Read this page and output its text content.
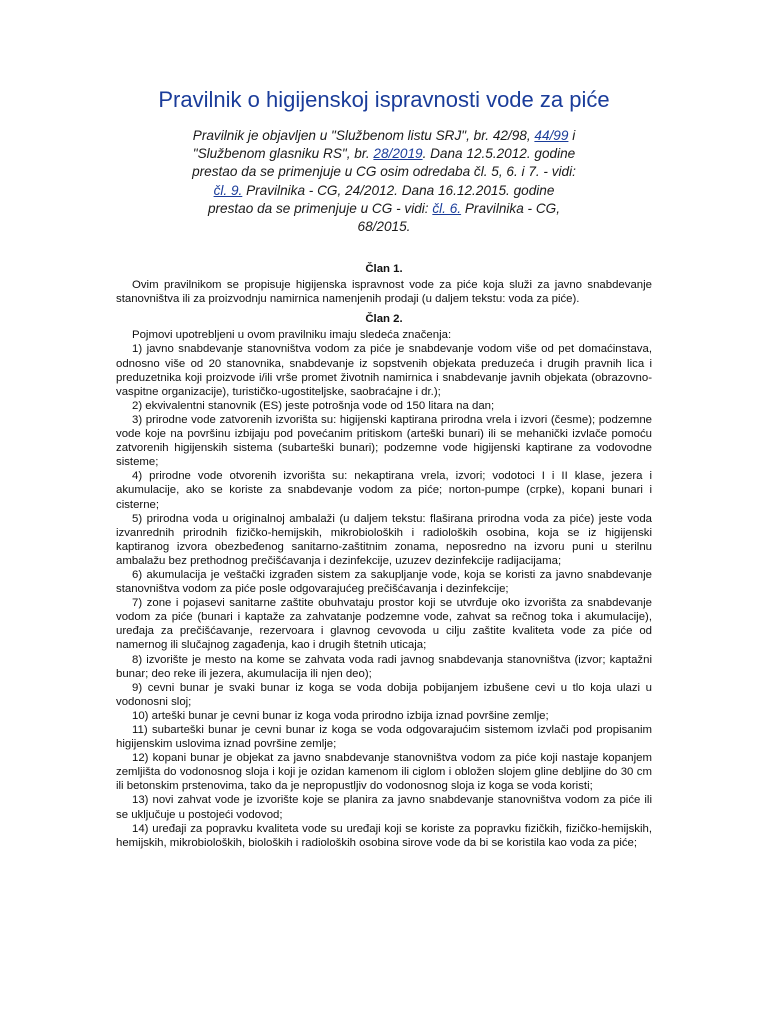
Pravilnik o higijenskoj ispravnosti vode za piće
Pravilnik je objavljen u "Službenom listu SRJ", br. 42/98, 44/99 i "Službenom glasniku RS", br. 28/2019. Dana 12.5.2012. godine prestao da se primenjuje u CG osim odredaba čl. 5, 6. i 7. - vidi: čl. 9. Pravilnika - CG, 24/2012. Dana 16.12.2015. godine prestao da se primenjuje u CG - vidi: čl. 6. Pravilnika - CG, 68/2015.
Član 1.

Ovim pravilnikom se propisuje higijenska ispravnost vode za piće koja služi za javno snabdevanje stanovništva ili za proizvodnju namirnica namenjenih prodaji (u daljem tekstu: voda za piće).

Član 2.

Pojmovi upotrebljeni u ovom pravilniku imaju sledeća značenja:

1) javno snabdevanje stanovništva vodom za piće je snabdevanje vodom više od pet domaćinstava, odnosno više od 20 stanovnika, snabdevanje iz sopstvenih objekata preduzeća i drugih pravnih lica i preduzetnika koji proizvode i/ili vrše promet životnih namirnica i snabdevanje javnih objekata (obrazovno-vaspitne organizacije), turističko-ugostiteljske, saobraćajne i dr.);

2) ekvivalentni stanovnik (ES) jeste potrošnja vode od 150 litara na dan;

3) prirodne vode zatvorenih izvorišta su: higijenski kaptirana prirodna vrela i izvori (česme); podzemne vode koje na površinu izbijaju pod povećanim pritiskom (arteški bunari) ili se mehanički izvlače pomoću zatvorenih higijenskih sistema (subarteški bunari); podzemne vode higijenski kaptirane za vodovodne sisteme;

4) prirodne vode otvorenih izvorišta su: nekaptirana vrela, izvori; vodotoci I i II klase, jezera i akumulacije, ako se koriste za snabdevanje vodom za piće; norton-pumpe (crpke), kopani bunari i cisterne;

5) prirodna voda u originalnoj ambalaži (u daljem tekstu: flaširana prirodna voda za piće) jeste voda izvanrednih prirodnih fizičko-hemijskih, mikrobioloških i radioloških osobina, koja se iz higijenski kaptiranog izvora obezbeđenog sanitarno-zaštitnim zonama, neposredno na izvoru puni u sterilnu ambalažu bez prethodnog prečišćavanja i dezinfekcije, uzuzev dezinfekcije radijacijama;

6) akumulacija je veštački izgrađen sistem za sakupljanje vode, koja se koristi za javno snabdevanje stanovništva vodom za piće posle odgovarajućeg prečišćavanja i dezinfekcije;

7) zone i pojasevi sanitarne zaštite obuhvataju prostor koji se utvrđuje oko izvorišta za snabdevanje vodom za piće (bunari i kaptaže za zahvatanje podzemne vode, zahvat sa rečnog toka i akumulacije), uređaja za prečišćavanje, rezervoara i glavnog cevovoda u cilju zaštite kvaliteta vode za piće od namernog ili slučajnog zagađenja, kao i drugih štetnih uticaja;

8) izvorište je mesto na kome se zahvata voda radi javnog snabdevanja stanovništva (izvor; kaptažni bunar; deo reke ili jezera, akumulacija ili njen deo);

9) cevni bunar je svaki bunar iz koga se voda dobija pobijanjem izbušene cevi u tlo koja ulazi u vodonosni sloj;

10) arteški bunar je cevni bunar iz koga voda prirodno izbija iznad površine zemlje;

11) subarteški bunar je cevni bunar iz koga se voda odgovarajućim sistemom izvlači pod propisanim higijenskim uslovima iznad površine zemlje;

12) kopani bunar je objekat za javno snabdevanje stanovništva vodom za piće koji nastaje kopanjem zemljišta do vodonosnog sloja i koji je ozidan kamenom ili ciglom i obložen slojem gline debljine do 30 cm ili betonskim prstenovima, tako da je nepropustljiv do vodonosnog sloja iz koga se voda koristi;

13) novi zahvat vode je izvorište koje se planira za javno snabdevanje stanovništva vodom za piće ili se uključuje u postojeći vodovod;

14) uređaji za popravku kvaliteta vode su uređaji koji se koriste za popravku fizičkih, fizičko-hemijskih, hemijskih, mikrobioloških, bioloških i radioloških osobina sirove vode da bi se koristila kao voda za piće;
